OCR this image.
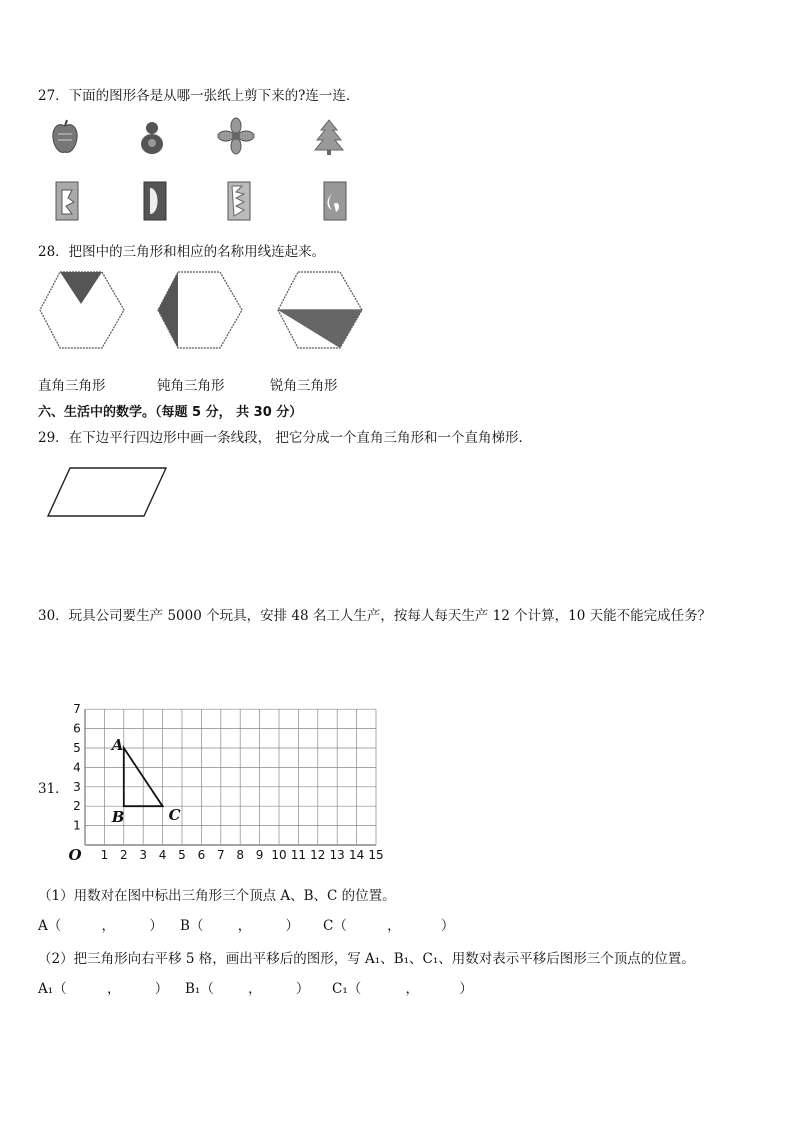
27．下面的图形各是从哪一张纸上剪下来的?连一连．
28．把图中的三角形和相应的名称用线连起来。
直角三角形	钝角三角形	锐角三角形
六、生活中的数学。（每题 5 分， 共 30 分）
29．在下边平行四边形中画一条线段， 把它分成一个直角三角形和一个直角梯形．
30．玩具公司要生产 5000 个玩具，安排 48 名工人生产，按每人每天生产 12 个计算，10 天能不能完成任务？
31．
1 2 3 4 5 6 7 8 9 10 11 12 13 14 15
1
2
3
4
5
6
7
O
A
B	C
（1）用数对在图中标出三角形三个顶点 A、B、C 的位置。
A（	， ） B（ ， ） C（	，	）
（2）把三角形向右平移 5 格，画出平移后的图形，写 A₁、B₁、C₁、用数对表示平移后图形三个顶点的位置。
A₁（	， ） B₁（ ， ） C₁（	，	）
